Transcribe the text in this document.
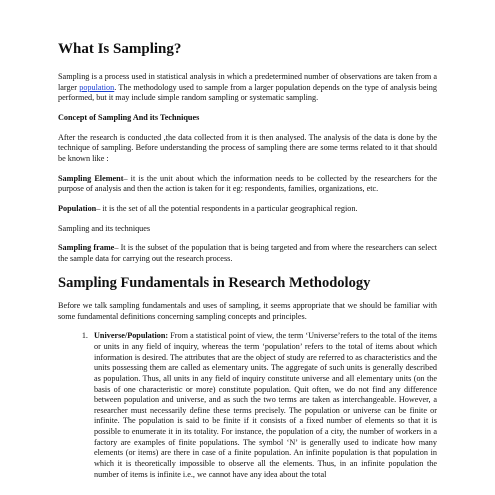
What Is Sampling?

Sampling is a process used in statistical analysis in which a predetermined number of observations are taken from a larger population. The methodology used to sample from a larger population depends on the type of analysis being performed, but it may include simple random sampling or systematic sampling.

Concept of Sampling And its Techniques

After the research is conducted ,the data collected from it is then analysed. The analysis of the data is done by the technique of sampling. Before understanding the process of sampling there are some terms related to it that should be known like :

Sampling Element– it is the unit about which the information needs to be collected by the researchers for the purpose of analysis and then the action is taken for it eg: respondents, families, organizations, etc.

Population– it is the set of all the potential respondents in a particular geographical region.

Sampling and its techniques

Sampling frame– It is the subset of the population that is being targeted and from where the researchers can select the sample data for carrying out the research process.

Sampling Fundamentals in Research Methodology

Before we talk sampling fundamentals and uses of sampling, it seems appropriate that we should be familiar with some fundamental definitions concerning sampling concepts and principles.

1. Universe/Population: From a statistical point of view, the term ‘Universe’refers to the total of the items or units in any field of inquiry, whereas the term ‘population’ refers to the total of items about which information is desired. The attributes that are the object of study are referred to as characteristics and the units possessing them are called as elementary units. The aggregate of such units is generally described as population. Thus, all units in any field of inquiry constitute universe and all elementary units (on the basis of one characteristic or more) constitute population. Quit often, we do not find any difference between population and universe, and as such the two terms are taken as interchangeable. However, a researcher must necessarily define these terms precisely. The population or universe can be finite or infinite. The population is said to be finite if it consists of a fixed number of elements so that it is possible to enumerate it in its totality. For instance, the population of a city, the number of workers in a factory are examples of finite populations. The symbol ‘N’ is generally used to indicate how many elements (or items) are there in case of a finite population. An infinite population is that population in which it is theoretically impossible to observe all the elements. Thus, in an infinite population the number of items is infinite i.e., we cannot have any idea about the total
